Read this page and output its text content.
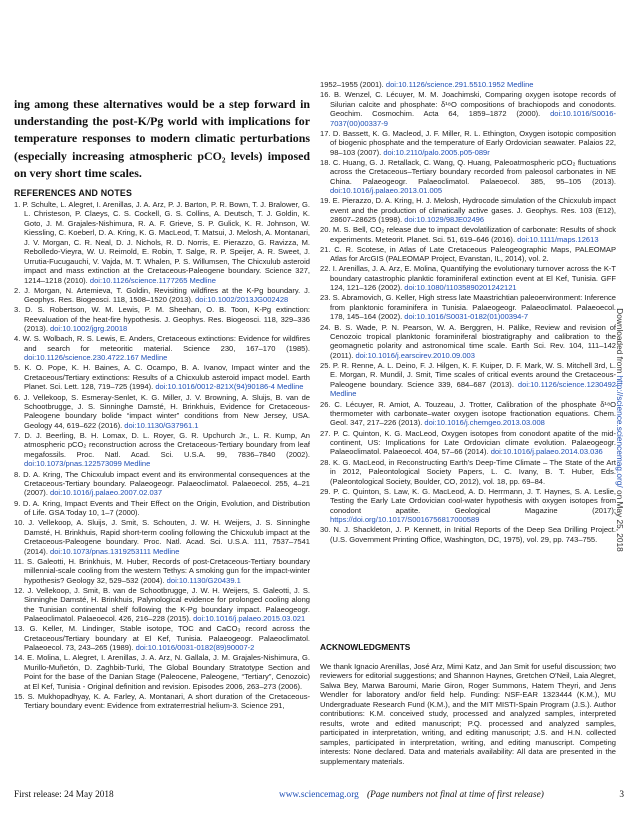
ing among these alternatives would be a step forward in understanding the post-K/Pg world with implications for temperature responses to modern climatic perturbations (especially increasing atmospheric pCO₂ levels) imposed on very short time scales.

REFERENCES AND NOTES
1. P. Schulte, L. Alegret, I. Arenillas, J. A. Arz, P. J. Barton, P. R. Bown, T. J. Bralower, G. L. Christeson, P. Claeys, C. S. Cockell, G. S. Collins, A. Deutsch, T. J. Goldin, K. Goto, J. M. Grajales-Nishimura, R. A. F. Grieve, S. P. Gulick, K. R. Johnson, W. Kiessling, C. Koeberl, D. A. Kring, K. G. MacLeod, T. Matsui, J. Melosh, A. Montanari, J. V. Morgan, C. R. Neal, D. J. Nichols, R. D. Norris, E. Pierazzo, G. Ravizza, M. Rebolledo-Vieyra, W. U. Reimold, E. Robin, T. Salge, R. P. Speijer, A. R. Sweet, J. Urrutia-Fucugauchi, V. Vajda, M. T. Whalen, P. S. Willumsen, The Chicxulub asteroid impact and mass extinction at the Cretaceous-Paleogene boundary. Science 327, 1214–1218 (2010). doi:10.1126/science.1177265 Medline
2. J. Morgan, N. Artemieva, T. Goldin, Revisiting wildfires at the K-Pg boundary. J. Geophys. Res. Biogeosci. 118, 1508–1520 (2013). doi:10.1002/2013JG002428
3. D. S. Robertson, W. M. Lewis, P. M. Sheehan, O. B. Toon, K-Pg extinction: Reevaluation of the heat-fire hypothesis. J. Geophys. Res. Biogeosci. 118, 329–336 (2013). doi:10.1002/jgrg.20018
4. W. S. Wolbach, R. S. Lewis, E. Anders, Cretaceous extinctions: Evidence for wildfires and search for meteoritic material. Science 230, 167–170 (1985). doi:10.1126/science.230.4722.167 Medline
5. K. O. Pope, K. H. Baines, A. C. Ocampo, B. A. Ivanov, Impact winter and the Cretaceous/Tertiary extinctions: Results of a Chicxulub asteroid impact model. Earth Planet. Sci. Lett. 128, 719–725 (1994). doi:10.1016/0012-821X(94)90186-4 Medline
6. J. Vellekoop, S. Esmeray-Senlet, K. G. Miller, J. V. Browning, A. Sluijs, B. van de Schootbrugge, J. S. Sinninghe Damsté, H. Brinkhuis, Evidence for Cretaceous-Paleogene boundary bolide “impact winter” conditions from New Jersey, USA. Geology 44, 619–622 (2016). doi:10.1130/G37961.1
7. D. J. Beerling, B. H. Lomax, D. L. Royer, G. R. Upchurch Jr., L. R. Kump, An atmospheric pCO₂ reconstruction across the Cretaceous-Tertiary boundary from leaf megafossils. Proc. Natl. Acad. Sci. U.S.A. 99, 7836–7840 (2002). doi:10.1073/pnas.122573099 Medline
8. D. A. Kring, The Chicxulub impact event and its environmental consequences at the Cretaceous-Tertiary boundary. Palaeogeogr. Palaeoclimatol. Palaeoecol. 255, 4–21 (2007). doi:10.1016/j.palaeo.2007.02.037
9. D. A. Kring, Impact Events and Their Effect on the Origin, Evolution, and Distribution of Life. GSA Today 10, 1–7 (2000).
10. J. Vellekoop, A. Sluijs, J. Smit, S. Schouten, J. W. H. Weijers, J. S. Sinninghe Damsté, H. Brinkhuis, Rapid short-term cooling following the Chicxulub impact at the Cretaceous-Paleogene boundary. Proc. Natl. Acad. Sci. U.S.A. 111, 7537–7541 (2014). doi:10.1073/pnas.1319253111 Medline
11. S. Galeotti, H. Brinkhuis, M. Huber, Records of post-Cretaceous-Tertiary boundary millennial-scale cooling from the western Tethys: A smoking gun for the impact-winter hypothesis? Geology 32, 529–532 (2004). doi:10.1130/G20439.1
12. J. Vellekoop, J. Smit, B. van de Schootbrugge, J. W. H. Weijers, S. Galeotti, J. S. Sinninghe Damsté, H. Brinkhuis, Palynological evidence for prolonged cooling along the Tunisian continental shelf following the K-Pg boundary impact. Palaeogeogr. Palaeoclimatol. Palaeoecol. 426, 216–228 (2015). doi:10.1016/j.palaeo.2015.03.021
13. G. Keller, M. Lindinger, Stable isotope, TOC and CaCO₃ record across the Cretaceous/Tertiary boundary at El Kef, Tunisia. Palaeogeogr. Palaeoclimatol. Palaeoecol. 73, 243–265 (1989). doi:10.1016/0031-0182(89)90007-2
14. E. Molina, L. Alegret, I. Arenillas, J. A. Arz, N. Gallala, J. M. Grajales-Nishimura, G. Murillo-Muñetón, D. Zaghbib-Turki, The Global Boundary Stratotype Section and Point for the base of the Danian Stage (Paleocene, Paleogene, “Tertiary”, Cenozoic) at El Kef, Tunisia - Original definition and revision. Episodes 2006, 263–273 (2006).
15. S. Mukhopadhyay, K. A. Farley, A. Montanari, A short duration of the Cretaceous-Tertiary boundary event: Evidence from extraterrestrial helium-3. Science 291,
1952–1955 (2001). doi:10.1126/science.291.5510.1952 Medline
16. B. Wenzel, C. Lécuyer, M. M. Joachimski, Comparing oxygen isotope records of Silurian calcite and phosphate: δ¹⁸O compositions of brachiopods and conodonts. Geochim. Cosmochim. Acta 64, 1859–1872 (2000). doi:10.1016/S0016-7037(00)00337-9
17. D. Bassett, K. G. Macleod, J. F. Miller, R. L. Ethington, Oxygen isotopic composition of biogenic phosphate and the temperature of Early Ordovician seawater. Palaios 22, 98–103 (2007). doi:10.2110/palo.2005.p05-089r
18. C. Huang, G. J. Retallack, C. Wang, Q. Huang, Paleoatmospheric pCO₂ fluctuations across the Cretaceous–Tertiary boundary recorded from paleosol carbonates in NE China. Palaeogeogr. Palaeoclimatol. Palaeoecol. 385, 95–105 (2013). doi:10.1016/j.palaeo.2013.01.005
19. E. Pierazzo, D. A. Kring, H. J. Melosh, Hydrocode simulation of the Chicxulub impact event and the production of climatically active gases. J. Geophys. Res. 103 (E12), 28607–28625 (1998). doi:10.1029/98JE02496
20. M. S. Bell, CO₂ release due to impact devolatilization of carbonate: Results of shock experiments. Meteorit. Planet. Sci. 51, 619–646 (2016). doi:10.1111/maps.12613
21. C. R. Scotese, in Atlas of Late Cretaceous Paleogeographic Maps, PALEOMAP Atlas for ArcGIS (PALEOMAP Project, Evanstan, IL, 2014), vol. 2.
22. I. Arenillas, J. A. Arz, E. Molina, Quantifying the evolutionary turnover across the K-T boundary catastrophic planktic foraminiferal extinction event at El Kef, Tunisia. GFF 124, 121–126 (2002). doi:10.1080/11035890201242121
23. S. Abramovich, G. Keller, High stress late Maastrichtian paleoenvironment: Inference from planktonic foraminifera in Tunisia. Palaeogeogr. Palaeoclimatol. Palaeoecol. 178, 145–164 (2002). doi:10.1016/S0031-0182(01)00394-7
24. B. S. Wade, P. N. Pearson, W. A. Berggren, H. Pälike, Review and revision of Cenozoic tropical planktonic foraminiferal biostratigraphy and calibration to the geomagnetic polarity and astronomical time scale. Earth Sci. Rev. 104, 111–142 (2011). doi:10.1016/j.earscirev.2010.09.003
25. P. R. Renne, A. L. Deino, F. J. Hilgen, K. F. Kuiper, D. F. Mark, W. S. Mitchell 3rd, L. E. Morgan, R. Mundil, J. Smit, Time scales of critical events around the Cretaceous-Paleogene boundary. Science 339, 684–687 (2013). doi:10.1126/science.1230492 Medline
26. C. Lécuyer, R. Amiot, A. Touzeau, J. Trotter, Calibration of the phosphate δ¹⁸O thermometer with carbonate–water oxygen isotope fractionation equations. Chem. Geol. 347, 217–226 (2013). doi:10.1016/j.chemgeo.2013.03.008
27. P. C. Quinton, K. G. MacLeod, Oxygen isotopes from conodont apatite of the mid-continent, US: Implications for Late Ordovician climate evolution. Palaeogeogr. Palaeoclimatol. Palaeoecol. 404, 57–66 (2014). doi:10.1016/j.palaeo.2014.03.036
28. K. G. MacLeod, in Reconstructing Earth's Deep-Time Climate – The State of the Art in 2012, Paleontological Society Papers, L. C. Ivany, B. T. Huber, Eds. (Paleontological Society, Boulder, CO, 2012), vol. 18, pp. 69–84.
29. P. C. Quinton, S. Law, K. G. MacLeod, A. D. Herrmann, J. T. Haynes, S. A. Leslie, Testing the Early Late Ordovician cool-water hypothesis with oxygen isotopes from conodont apatite. Geological Magazine (2017); https://doi.org/10.1017/S0016756817000589
30. N. J. Shackleton, J. P. Kennett, in Initial Reports of the Deep Sea Drilling Project. (U.S. Government Printing Office, Washington, DC, 1975), vol. 29, pp. 743–755.
ACKNOWLEDGMENTS

We thank Ignacio Arenillas, José Arz, Mimi Katz, and Jan Smit for useful discussion; two reviewers for editorial suggestions; and Shannon Haynes, Gretchen O'Neil, Laia Alegret, Salwa Bey, Marwa Baroumi, Marie Giron, Roger Summons, Hatem Theyri, and Jens Wendler for laboratory and/or field help. Funding: NSF-EAR 1323444 (K.M.), MU Undergraduate Research Fund (K.M.), and the MIT MISTI-Spain Program (J.S.). Author contributions: K.M. conceived study, processed and analyzed samples, interpreted results, wrote and edited manuscript; P.Q. processed and analyzed samples, participated in interpretation, writing, and editing manuscript; J.S. and H.N. collected samples, participated in interpretation, writing, and editing manuscript. Competing interests: None declared. Data and materials availability: All data are presented in the supplementary materials.

Downloaded from http://science.sciencemag.org/ on May 25, 2018
First release: 24 May 2018	www.sciencemag.org (Page numbers not final at time of first release)	3
